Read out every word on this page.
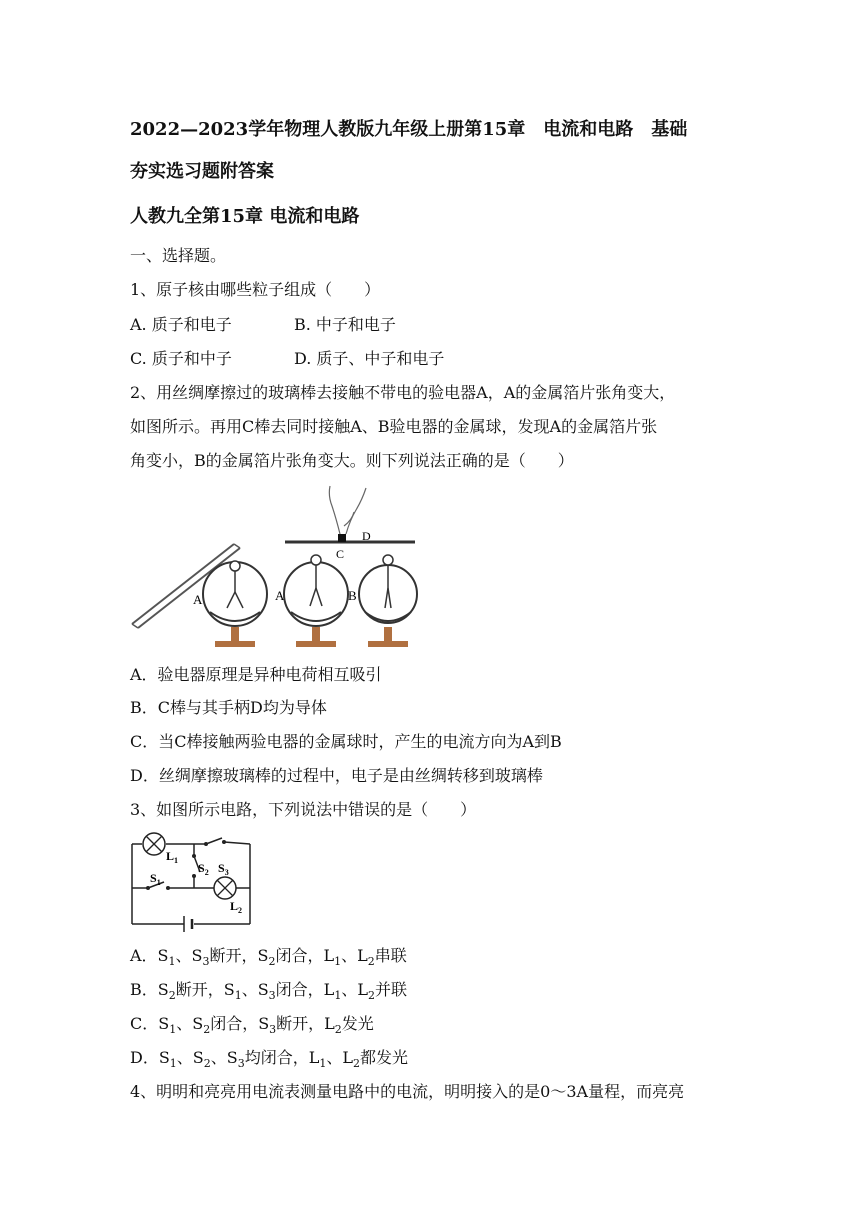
2022—2023学年物理人教版九年级上册第15章　电流和电路　基础
夯实选习题附答案
人教九全第15章 电流和电路
一、选择题。
1、原子核由哪些粒子组成（　　）
A. 质子和电子	B. 中子和电子
C. 质子和中子	D. 质子、中子和电子
2、用丝绸摩擦过的玻璃棒去接触不带电的验电器A，A的金属箔片张角变大，
如图所示。再用C棒去同时接触A、B验电器的金属球，发现A的金属箔片张
角变小，B的金属箔片张角变大。则下列说法正确的是（　　）
A	A	B
C
D
A．验电器原理是异种电荷相互吸引
B．C棒与其手柄D均为导体
C．当C棒接触两验电器的金属球时，产生的电流方向为A到B
D．丝绸摩擦玻璃棒的过程中，电子是由丝绸转移到玻璃棒
3、如图所示电路，下列说法中错误的是（　　）
$L_1$
$L_2$
$S_1$
$S_2$ $S_3$
A．$S_1$、$S_3$断开，$S_2$闭合，$L_1$、$L_2$串联
B．$S_2$断开，$S_1$、$S_3$闭合，$L_1$、$L_2$并联
C．$S_1$、$S_2$闭合，$S_3$断开，$L_2$发光
D．$S_1$、$S_2$、$S_3$均闭合，$L_1$、$L_2$都发光
4、明明和亮亮用电流表测量电路中的电流，明明接入的是0～3A量程，而亮亮
